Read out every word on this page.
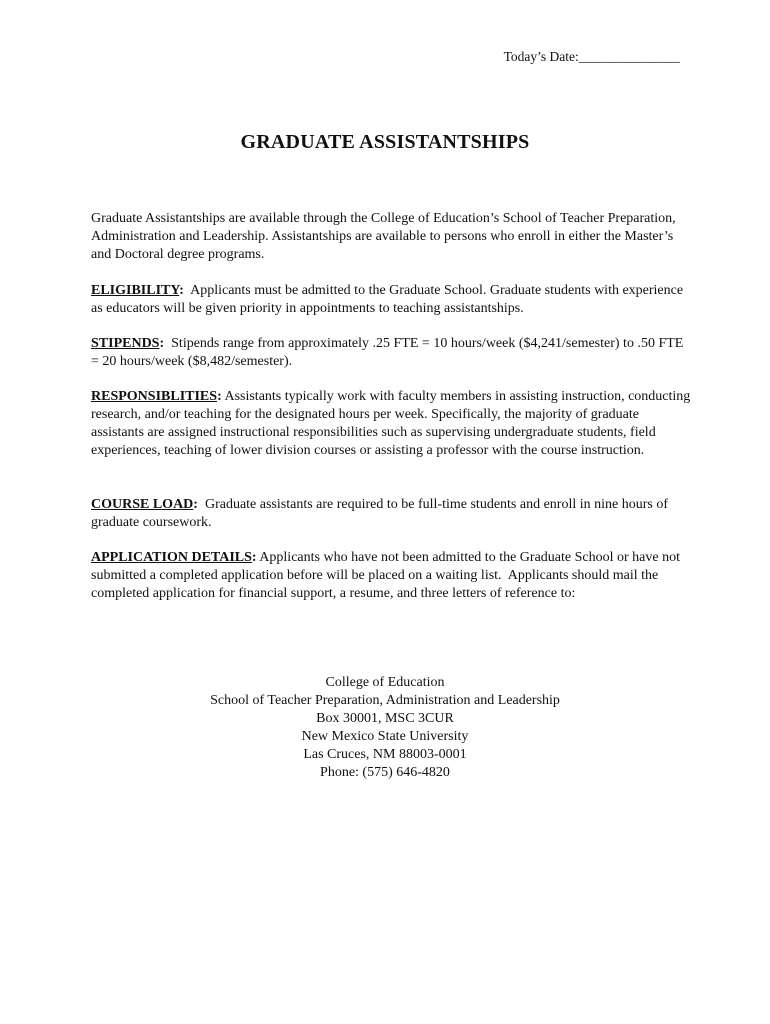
Today’s Date:_______________
GRADUATE ASSISTANTSHIPS
Graduate Assistantships are available through the College of Education’s School of Teacher Preparation, Administration and Leadership. Assistantships are available to persons who enroll in either the Master’s and Doctoral degree programs.
ELIGIBILITY:  Applicants must be admitted to the Graduate School. Graduate students with experience as educators will be given priority in appointments to teaching assistantships.
STIPENDS:  Stipends range from approximately .25 FTE = 10 hours/week ($4,241/semester) to .50 FTE = 20 hours/week ($8,482/semester).
RESPONSIBLITIES: Assistants typically work with faculty members in assisting instruction, conducting research, and/or teaching for the designated hours per week. Specifically, the majority of graduate assistants are assigned instructional responsibilities such as supervising undergraduate students, field experiences, teaching of lower division courses or assisting a professor with the course instruction.
COURSE LOAD:  Graduate assistants are required to be full-time students and enroll in nine hours of graduate coursework.
APPLICATION DETAILS: Applicants who have not been admitted to the Graduate School or have not submitted a completed application before will be placed on a waiting list.  Applicants should mail the completed application for financial support, a resume, and three letters of reference to:
College of Education
School of Teacher Preparation, Administration and Leadership
Box 30001, MSC 3CUR
New Mexico State University
Las Cruces, NM 88003-0001
Phone: (575) 646-4820
